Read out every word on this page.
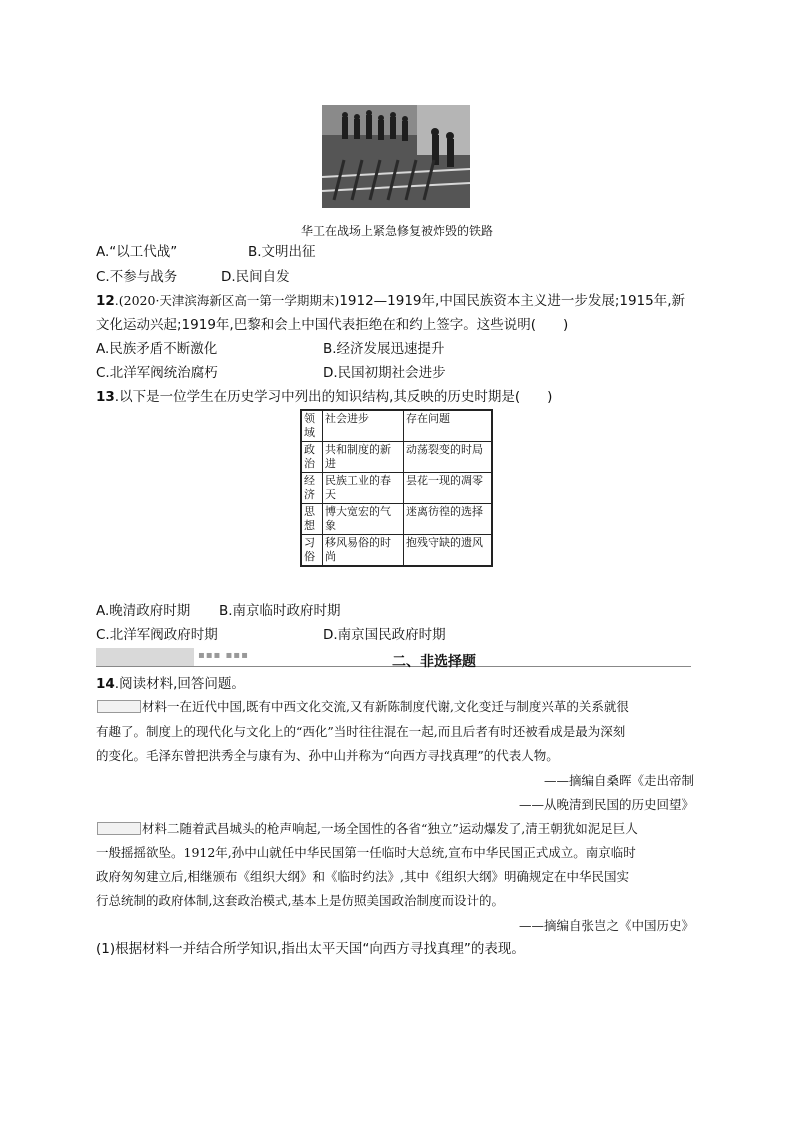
华工在战场上紧急修复被炸毁的铁路
A.“以工代战”	B.文明出征
C.不参与战务	D.民间自发
12.(2020·天津滨海新区高一第一学期期末)1912—1919年,中国民族资本主义进一步发展;1915年,新
文化运动兴起;1919年,巴黎和会上中国代表拒绝在和约上签字。这些说明(　　)
A.民族矛盾不断激化	B.经济发展迅速提升
C.北洋军阀统治腐朽	D.民国初期社会进步
13.以下是一位学生在历史学习中列出的知识结构,其反映的历史时期是(　　)
领域	社会进步	存在问题
政治	共和制度的新进	动荡裂变的时局
经济	民族工业的春天	昙花一现的凋零
思想	博大宽宏的气象	迷离彷徨的选择
习俗	移风易俗的时尚	抱残守缺的遗风
A.晚清政府时期 B.南京临时政府时期
C.北洋军阀政府时期	D.南京国民政府时期
▪▪▪ ▪▪▪	二、非选择题
14.阅读材料,回答问题。
材料一在近代中国,既有中西文化交流,又有新陈制度代谢,文化变迁与制度兴革的关系就很
有趣了。制度上的现代化与文化上的“西化”当时往往混在一起,而且后者有时还被看成是最为深刻
的变化。毛泽东曾把洪秀全与康有为、孙中山并称为“向西方寻找真理”的代表人物。
——摘编自桑晖《走出帝制
——从晚清到民国的历史回望》
材料二随着武昌城头的枪声响起,一场全国性的各省“独立”运动爆发了,清王朝犹如泥足巨人
一般摇摇欲坠。1912年,孙中山就任中华民国第一任临时大总统,宣布中华民国正式成立。南京临时
政府匆匆建立后,相继颁布《组织大纲》和《临时约法》,其中《组织大纲》明确规定在中华民国实
行总统制的政府体制,这套政治模式,基本上是仿照美国政治制度而设计的。
——摘编自张岂之《中国历史》
(1)根据材料一并结合所学知识,指出太平天国“向西方寻找真理”的表现。
